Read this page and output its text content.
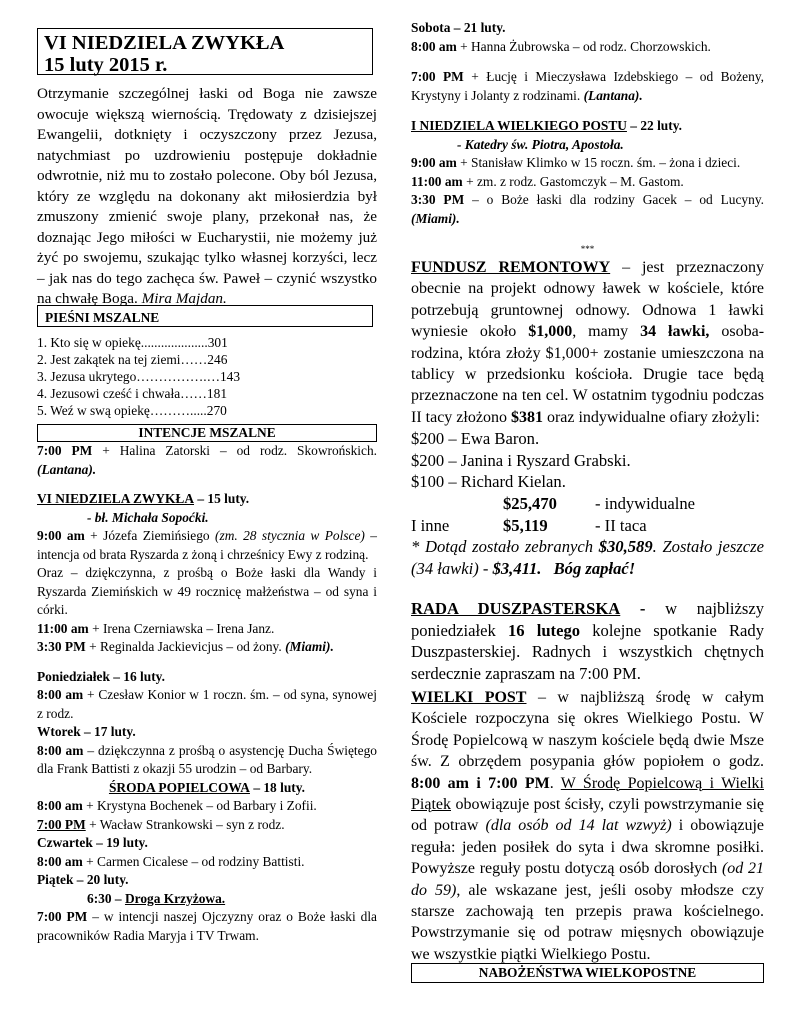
VI NIEDZIELA ZWYKŁA
15 luty 2015 r.

Otrzymanie szczególnej łaski od Boga nie zawsze owocuje większą wiernością. Trędowaty z dzisiejszej Ewangelii, dotknięty i oczyszczony przez Jezusa, natychmiast po uzdrowieniu postępuje dokładnie odwrotnie, niż mu to zostało polecone. Oby ból Jezusa, który ze względu na dokonany akt miłosierdzia był zmuszony zmienić swoje plany, przekonał nas, że doznając Jego miłości w Eucharystii, nie możemy już żyć po swojemu, szukając tylko własnej korzyści, lecz – jak nas do tego zachęca św. Paweł – czynić wszystko na chwałę Boga. Mira Majdan.

PIEŚNI MSZALNE
1. Kto się w opiekę....................301
2. Jest zakątek na tej ziemi……246
3. Jezusa ukrytego…………….…143
4. Jezusowi cześć i chwała……181
5. Weź w swą opiekę……….....270
INTENCJE MSZALNE

7:00 PM + Halina Zatorski – od rodz. Skowrońskich. (Lantana).

VI NIEDZIELA ZWYKŁA – 15 luty.

- bł. Michała Sopoćki.

9:00 am + Józefa Ziemińsiego (zm. 28 stycznia w Polsce) – intencja od brata Ryszarda z żoną i chrześnicy Ewy z rodziną.

Oraz – dziękczynna, z prośbą o Boże łaski dla Wandy i Ryszarda Ziemińskich w 49 rocznicę małżeństwa – od syna i córki.

11:00 am + Irena Czerniawska – Irena Janz.

3:30 PM + Reginalda Jackievicjus – od żony. (Miami).

Poniedziałek – 16 luty.

8:00 am + Czesław Konior w 1 roczn. śm. – od syna, synowej z rodz.

Wtorek – 17 luty.

8:00 am – dziękczynna z prośbą o asystencję Ducha Świętego dla Frank Battisti z okazji 55 urodzin – od Barbary.

ŚRODA POPIELCOWA – 18 luty.

8:00 am + Krystyna Bochenek – od Barbary i Zofii.

7:00 PM + Wacław Strankowski – syn z rodz.

Czwartek – 19 luty.

8:00 am + Carmen Cicalese – od rodziny Battisti.

Piątek – 20 luty.

6:30 – Droga Krzyżowa.

7:00 PM – w intencji naszej Ojczyzny oraz o Boże łaski dla pracowników Radia Maryja i TV Trwam.

Sobota – 21 luty.

8:00 am + Hanna Żubrowska – od rodz. Chorzowskich.

7:00 PM + Łucję i Mieczysława Izdebskiego – od Bożeny, Krystyny i Jolanty z rodzinami. (Lantana).

I NIEDZIELA WIELKIEGO POSTU – 22 luty.

- Katedry św. Piotra, Apostoła.

9:00 am + Stanisław Klimko w 15 roczn. śm. – żona i dzieci.

11:00 am + zm. z rodz. Gastomczyk – M. Gastom.

3:30 PM – o Boże łaski dla rodziny Gacek – od Lucyny. (Miami).

***

FUNDUSZ REMONTOWY – jest przeznaczony obecnie na projekt odnowy ławek w kościele, które potrzebują gruntownej odnowy. Odnowa 1 ławki wyniesie około $1,000, mamy 34 ławki, osoba-rodzina, która złoży $1,000+ zostanie umieszczona na tablicy w przedsionku kościoła. Drugie tace będą przeznaczone na ten cel. W ostatnim tygodniu podczas II tacy złożono $381 oraz indywidualne ofiary złożyli:

$200 – Ewa Baron.

$200 – Janina i Ryszard Grabski.

$100 – Richard Kielan.

$25,470 - indywidualne
I inne	$5,119	- II taca

* Dotąd zostało zebranych $30,589. Zostało jeszcze (34 ławki) - $3,411. Bóg zapłać!

RADA DUSZPASTERSKA - w najbliższy poniedziałek 16 lutego kolejne spotkanie Rady Duszpasterskiej. Radnych i wszystkich chętnych serdecznie zapraszam na 7:00 PM.

WIELKI POST – w najbliższą środę w całym Kościele rozpoczyna się okres Wielkiego Postu. W Środę Popielcową w naszym kościele będą dwie Msze św. Z obrzędem posypania głów popiołem o godz. 8:00 am i 7:00 PM. W Środę Popielcową i Wielki Piątek obowiązuje post ścisły, czyli powstrzymanie się od potraw (dla osób od 14 lat wzwyż) i obowiązuje reguła: jeden posiłek do syta i dwa skromne posiłki. Powyższe reguły postu dotyczą osób dorosłych (od 21 do 59), ale wskazane jest, jeśli osoby młodsze czy starsze zachowają ten przepis prawa kościelnego. Powstrzymanie się od potraw mięsnych obowiązuje we wszystkie piątki Wielkiego Postu.

NABOŻEŃSTWA WIELKOPOSTNE
